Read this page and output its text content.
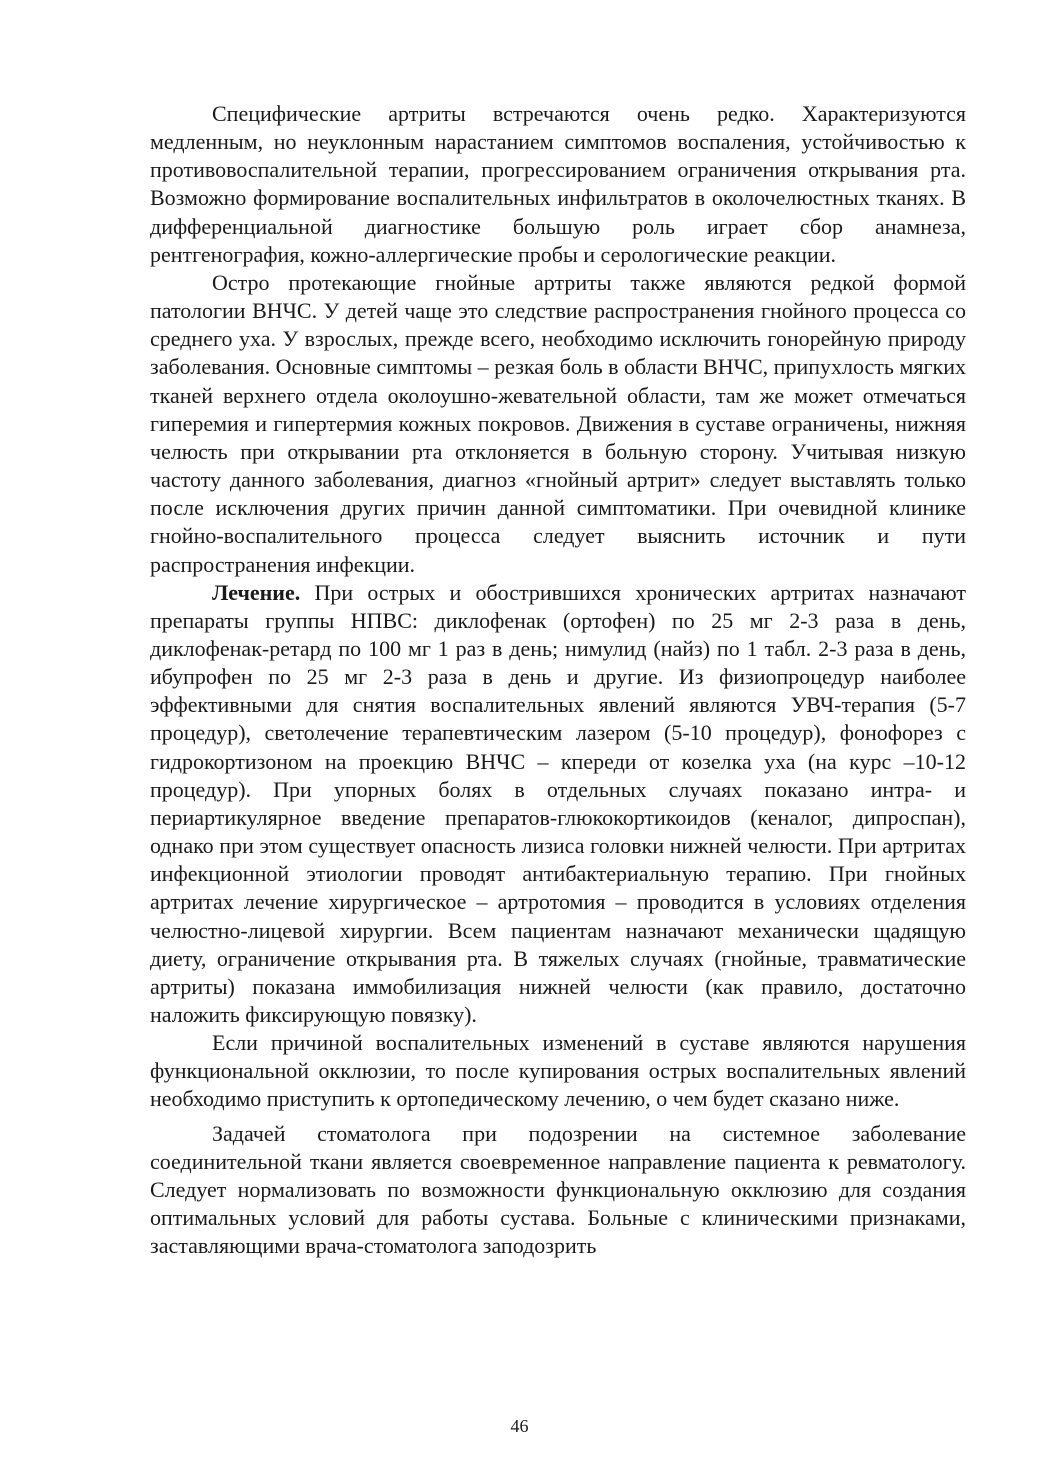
Специфические артриты встречаются очень редко. Характеризуются медленным, но неуклонным нарастанием симптомов воспаления, устойчивостью к противовоспалительной терапии, прогрессированием ограничения открывания рта. Возможно формирование воспалительных инфильтратов в околочелюстных тканях. В дифференциальной диагностике большую роль играет сбор анамнеза, рентгенография, кожно-аллергические пробы и серологические реакции.

Остро протекающие гнойные артриты также являются редкой формой патологии ВНЧС. У детей чаще это следствие распространения гнойного процесса со среднего уха. У взрослых, прежде всего, необходимо исключить гонорейную природу заболевания. Основные симптомы – резкая боль в области ВНЧС, припухлость мягких тканей верхнего отдела околоушно-жевательной области, там же может отмечаться гиперемия и гипертермия кожных покровов. Движения в суставе ограничены, нижняя челюсть при открывании рта отклоняется в больную сторону. Учитывая низкую частоту данного заболевания, диагноз «гнойный артрит» следует выставлять только после исключения других причин данной симптоматики. При очевидной клинике гнойно-воспалительного процесса следует выяснить источник и пути распространения инфекции.

Лечение. При острых и обострившихся хронических артритах назначают препараты группы НПВС: диклофенак (ортофен) по 25 мг 2-3 раза в день, диклофенак-ретард по 100 мг 1 раз в день; нимулид (найз) по 1 табл. 2-3 раза в день, ибупрофен по 25 мг 2-3 раза в день и другие. Из физиопроцедур наиболее эффективными для снятия воспалительных явлений являются УВЧ-терапия (5-7 процедур), светолечение терапевтическим лазером (5-10 процедур), фонофорез с гидрокортизоном на проекцию ВНЧС – кпереди от козелка уха (на курс –10-12 процедур). При упорных болях в отдельных случаях показано интра- и периартикулярное введение препаратов-глюкокортикоидов (кеналог, дипроспан), однако при этом существует опасность лизиса головки нижней челюсти. При артритах инфекционной этиологии проводят антибактериальную терапию. При гнойных артритах лечение хирургическое – артротомия – проводится в условиях отделения челюстно-лицевой хирургии. Всем пациентам назначают механически щадящую диету, ограничение открывания рта. В тяжелых случаях (гнойные, травматические артриты) показана иммобилизация нижней челюсти (как правило, достаточно наложить фиксирующую повязку).

Если причиной воспалительных изменений в суставе являются нарушения функциональной окклюзии, то после купирования острых воспалительных явлений необходимо приступить к ортопедическому лечению, о чем будет сказано ниже.

Задачей стоматолога при подозрении на системное заболевание соединительной ткани является своевременное направление пациента к ревматологу. Следует нормализовать по возможности функциональную окклюзию для создания оптимальных условий для работы сустава. Больные с клиническими признаками, заставляющими врача-стоматолога заподозрить

46
